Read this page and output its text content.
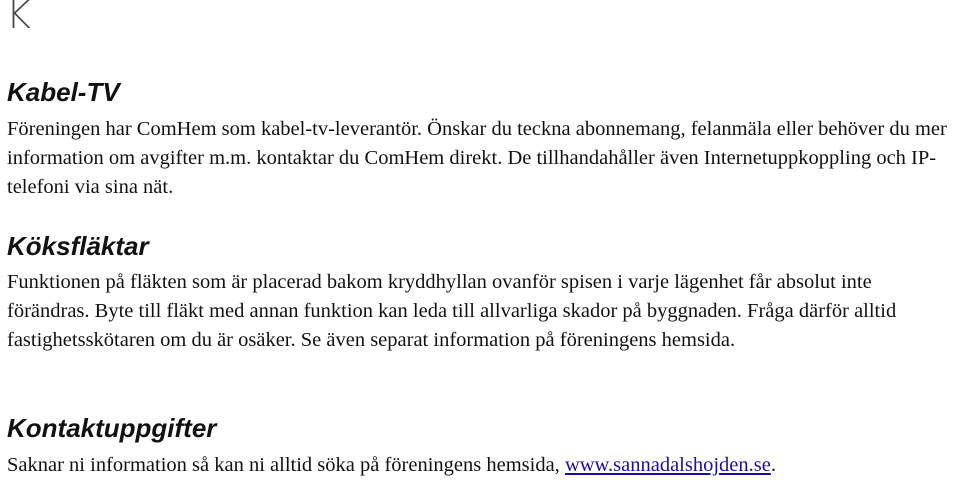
K
Kabel-TV

Föreningen har ComHem som kabel-tv-leverantör. Önskar du teckna abonnemang, felanmäla eller behöver du mer information om avgifter m.m. kontaktar du ComHem direkt. De tillhandahåller även Internetuppkoppling och IP-telefoni via sina nät.

Köksfläktar

Funktionen på fläkten som är placerad bakom kryddhyllan ovanför spisen i varje lägenhet får absolut inte förändras. Byte till fläkt med annan funktion kan leda till allvarliga skador på byggnaden. Fråga därför alltid fastighetsskötaren om du är osäker. Se även separat information på föreningens hemsida.

Kontaktuppgifter

Saknar ni information så kan ni alltid söka på föreningens hemsida, www.sannadalshojden.se.
